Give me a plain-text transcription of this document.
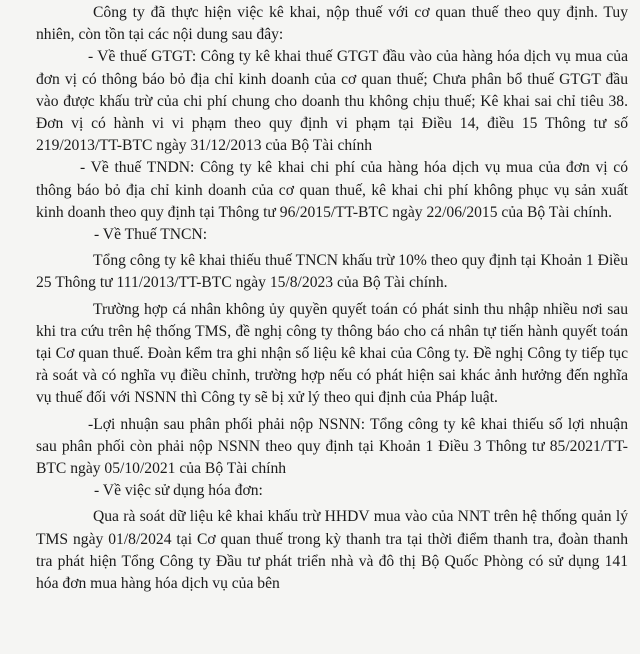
Công ty đã thực hiện việc kê khai, nộp thuế với cơ quan thuế theo quy định. Tuy nhiên, còn tồn tại các nội dung sau đây:

- Về thuế GTGT: Công ty kê khai thuế GTGT đầu vào của hàng hóa dịch vụ mua của đơn vị có thông báo bỏ địa chỉ kinh doanh của cơ quan thuế; Chưa phân bổ thuế GTGT đầu vào được khấu trừ của chi phí chung cho doanh thu không chịu thuế; Kê khai sai chỉ tiêu 38. Đơn vị có hành vi vi phạm theo quy định vi phạm tại Điều 14, điều 15 Thông tư số 219/2013/TT-BTC ngày 31/12/2013 của Bộ Tài chính

- Về thuế TNDN: Công ty kê khai chi phí của hàng hóa dịch vụ mua của đơn vị có thông báo bỏ địa chỉ kinh doanh của cơ quan thuế, kê khai chi phí không phục vụ sản xuất kinh doanh theo quy định tại Thông tư 96/2015/TT-BTC ngày 22/06/2015 của Bộ Tài chính.

- Về Thuế TNCN:

Tổng công ty kê khai thiếu thuế TNCN khấu trừ 10% theo quy định tại Khoản 1 Điều 25 Thông tư 111/2013/TT-BTC ngày 15/8/2023 của Bộ Tài chính.

Trường hợp cá nhân không ủy quyền quyết toán có phát sinh thu nhập nhiều nơi sau khi tra cứu trên hệ thống TMS, đề nghị công ty thông báo cho cá nhân tự tiến hành quyết toán tại Cơ quan thuế. Đoàn kểm tra ghi nhận số liệu kê khai của Công ty. Đề nghị Công ty tiếp tục rà soát và có nghĩa vụ điều chỉnh, trường hợp nếu có phát hiện sai khác ảnh hưởng đến nghĩa vụ thuế đối với NSNN thì Công ty sẽ bị xử lý theo qui định của Pháp luật.

-Lợi nhuận sau phân phối phải nộp NSNN: Tổng công ty kê khai thiếu số lợi nhuận sau phân phối còn phải nộp NSNN theo quy định tại Khoản 1 Điều 3 Thông tư 85/2021/TT-BTC ngày 05/10/2021 của Bộ Tài chính

- Về việc sử dụng hóa đơn:

Qua rà soát dữ liệu kê khai khấu trừ HHDV mua vào của NNT trên hệ thống quản lý TMS ngày 01/8/2024 tại Cơ quan thuế trong kỳ thanh tra tại thời điểm thanh tra, đoàn thanh tra phát hiện Tổng Công ty Đầu tư phát triển nhà và đô thị Bộ Quốc Phòng có sử dụng 141 hóa đơn mua hàng hóa dịch vụ của bên
